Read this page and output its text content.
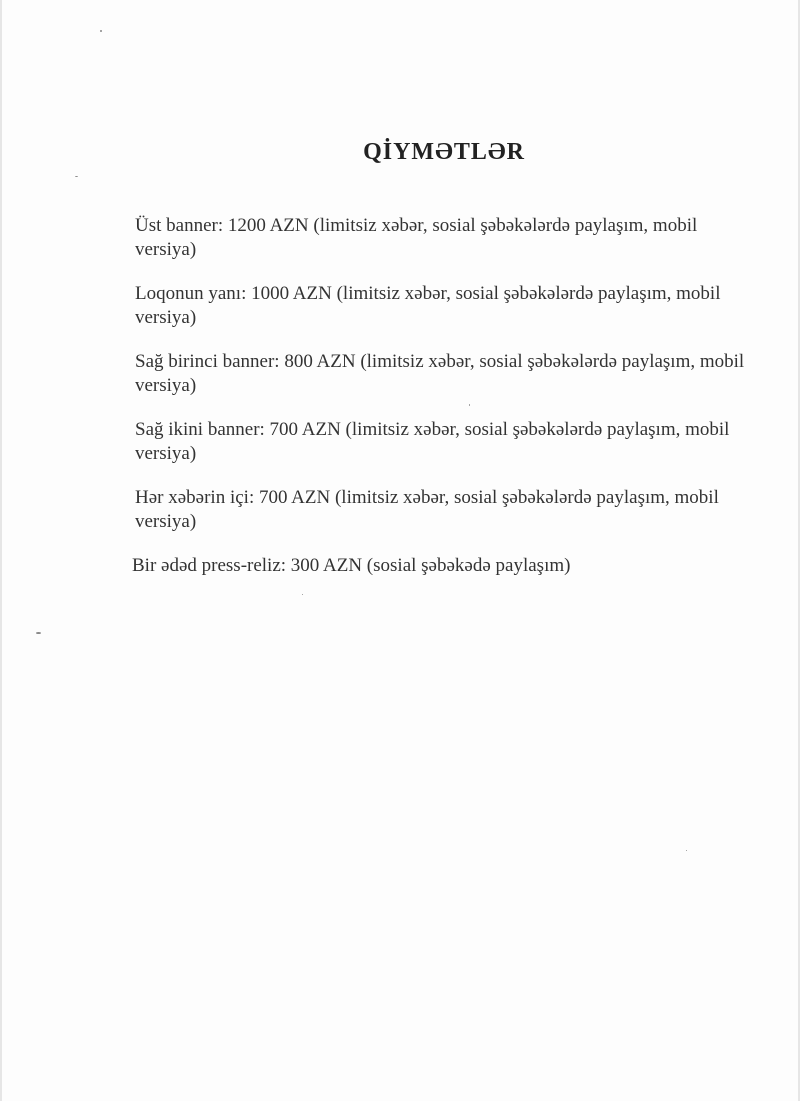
QİYMƏTLƏR
Üst banner: 1200 AZN (limitsiz xəbər, sosial şəbəkələrdə paylaşım, mobil versiya)
Loqonun yanı: 1000 AZN (limitsiz xəbər, sosial şəbəkələrdə paylaşım, mobil versiya)
Sağ birinci banner: 800 AZN (limitsiz xəbər, sosial şəbəkələrdə paylaşım, mobil versiya)
Sağ ikini banner: 700 AZN (limitsiz xəbər, sosial şəbəkələrdə paylaşım, mobil versiya)
Hər xəbərin içi: 700 AZN (limitsiz xəbər, sosial şəbəkələrdə paylaşım, mobil versiya)
Bir ədəd press-reliz: 300 AZN (sosial şəbəkədə paylaşım)
